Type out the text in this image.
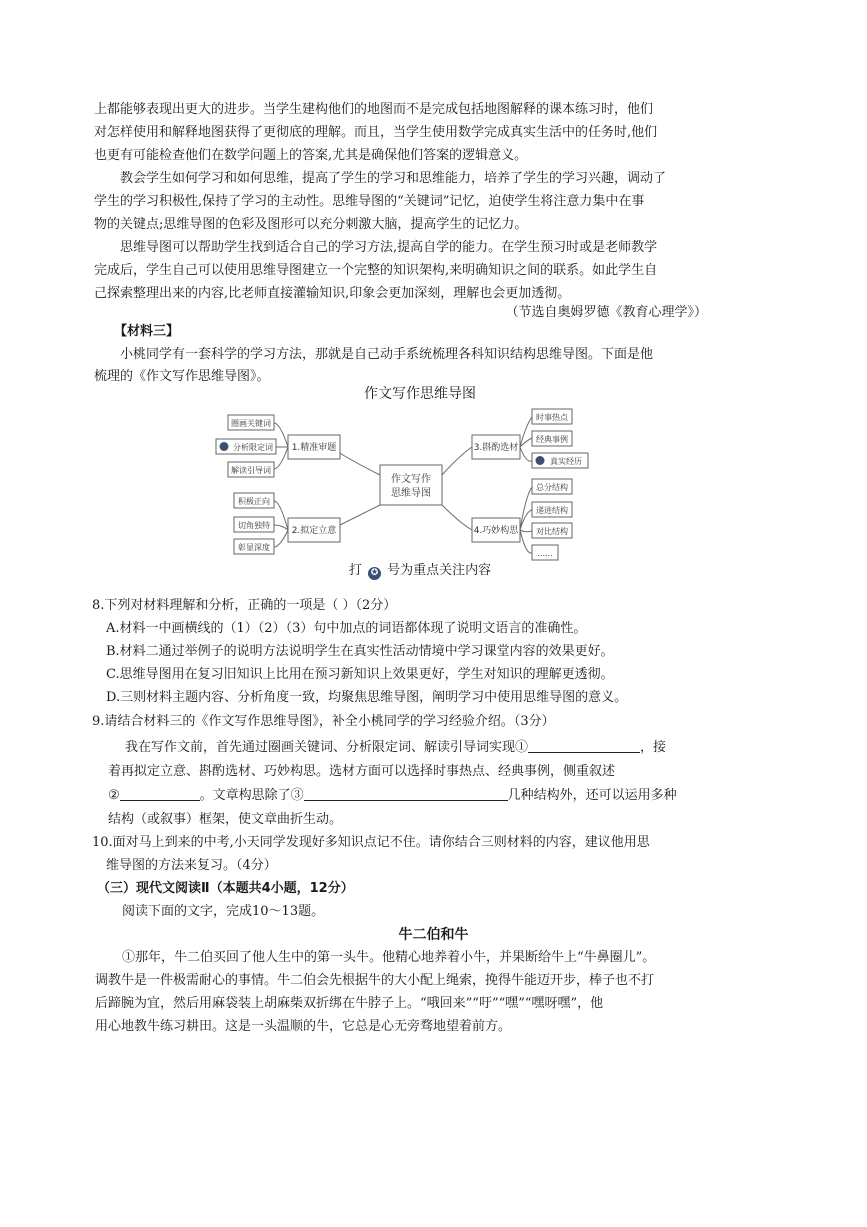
上都能够表现出更大的进步。当学生建构他们的地图而不是完成包括地图解释的课本练习时，他们
对怎样使用和解释地图获得了更彻底的理解。而且，当学生使用数学完成真实生活中的任务时,他们
也更有可能检查他们在数学问题上的答案,尤其是确保他们答案的逻辑意义。
教会学生如何学习和如何思维，提高了学生的学习和思维能力，培养了学生的学习兴趣，调动了
学生的学习积极性,保持了学习的主动性。思维导图的“关键词”记忆，迫使学生将注意力集中在事
物的关键点;思维导图的色彩及图形可以充分刺激大脑，提高学生的记忆力。
思维导图可以帮助学生找到适合自己的学习方法,提高自学的能力。在学生预习时或是老师教学
完成后，学生自己可以使用思维导图建立一个完整的知识架构,来明确知识之间的联系。如此学生自
己探索整理出来的内容,比老师直接灌输知识,印象会更加深刻，理解也会更加透彻。
（节选自奥姆罗德《教育心理学》）
【材料三】
小桃同学有一套科学的学习方法，那就是自己动手系统梳理各科知识结构思维导图。下面是他
梳理的《作文写作思维导图》。
作文写作思维导图
作文写作
思维导图
1.精准审题
2.拟定立意
3.斟酌选材
4.巧妙构思
圈画关键词
分析限定词
解读引导词
积极正向
切角独特
彰显深度
时事热点
经典事例
真实经历
总分结构
递进结构
对比结构
......
打 ✪ 号为重点关注内容
8.下列对材料理解和分析，正确的一项是（ ）（2分）
A.材料一中画横线的（1）（2）（3）句中加点的词语都体现了说明文语言的准确性。
B.材料二通过举例子的说明方法说明学生在真实性活动情境中学习课堂内容的效果更好。
C.思维导图用在复习旧知识上比用在预习新知识上效果更好，学生对知识的理解更透彻。
D.三则材料主题内容、分析角度一致，均聚焦思维导图，阐明学习中使用思维导图的意义。
9.请结合材料三的《作文写作思维导图》，补全小桃同学的学习经验介绍。（3分）
我在写作文前，首先通过圈画关键词、分析限定词、解读引导词实现①	，接
着再拟定立意、斟酌选材、巧妙构思。选材方面可以选择时事热点、经典事例，侧重叙述
②	。文章构思除了③	几种结构外，还可以运用多种
结构（或叙事）框架，使文章曲折生动。
10.面对马上到来的中考,小天同学发现好多知识点记不住。请你结合三则材料的内容，建议他用思
维导图的方法来复习。（4分）
（三）现代文阅读Ⅱ（本题共4小题，12分）
阅读下面的文字，完成10～13题。
牛二伯和牛
①那年，牛二伯买回了他人生中的第一头牛。他精心地养着小牛，并果断给牛上“牛鼻圈儿”。
调教牛是一件极需耐心的事情。牛二伯会先根据牛的大小配上绳索，挽得牛能迈开步，棒子也不打
后蹄腕为宜，然后用麻袋装上胡麻柴双折绑在牛脖子上。“哦回来”“吁”“嘿”“嘿呀嘿”，他
用心地教牛练习耕田。这是一头温顺的牛，它总是心无旁骛地望着前方。
